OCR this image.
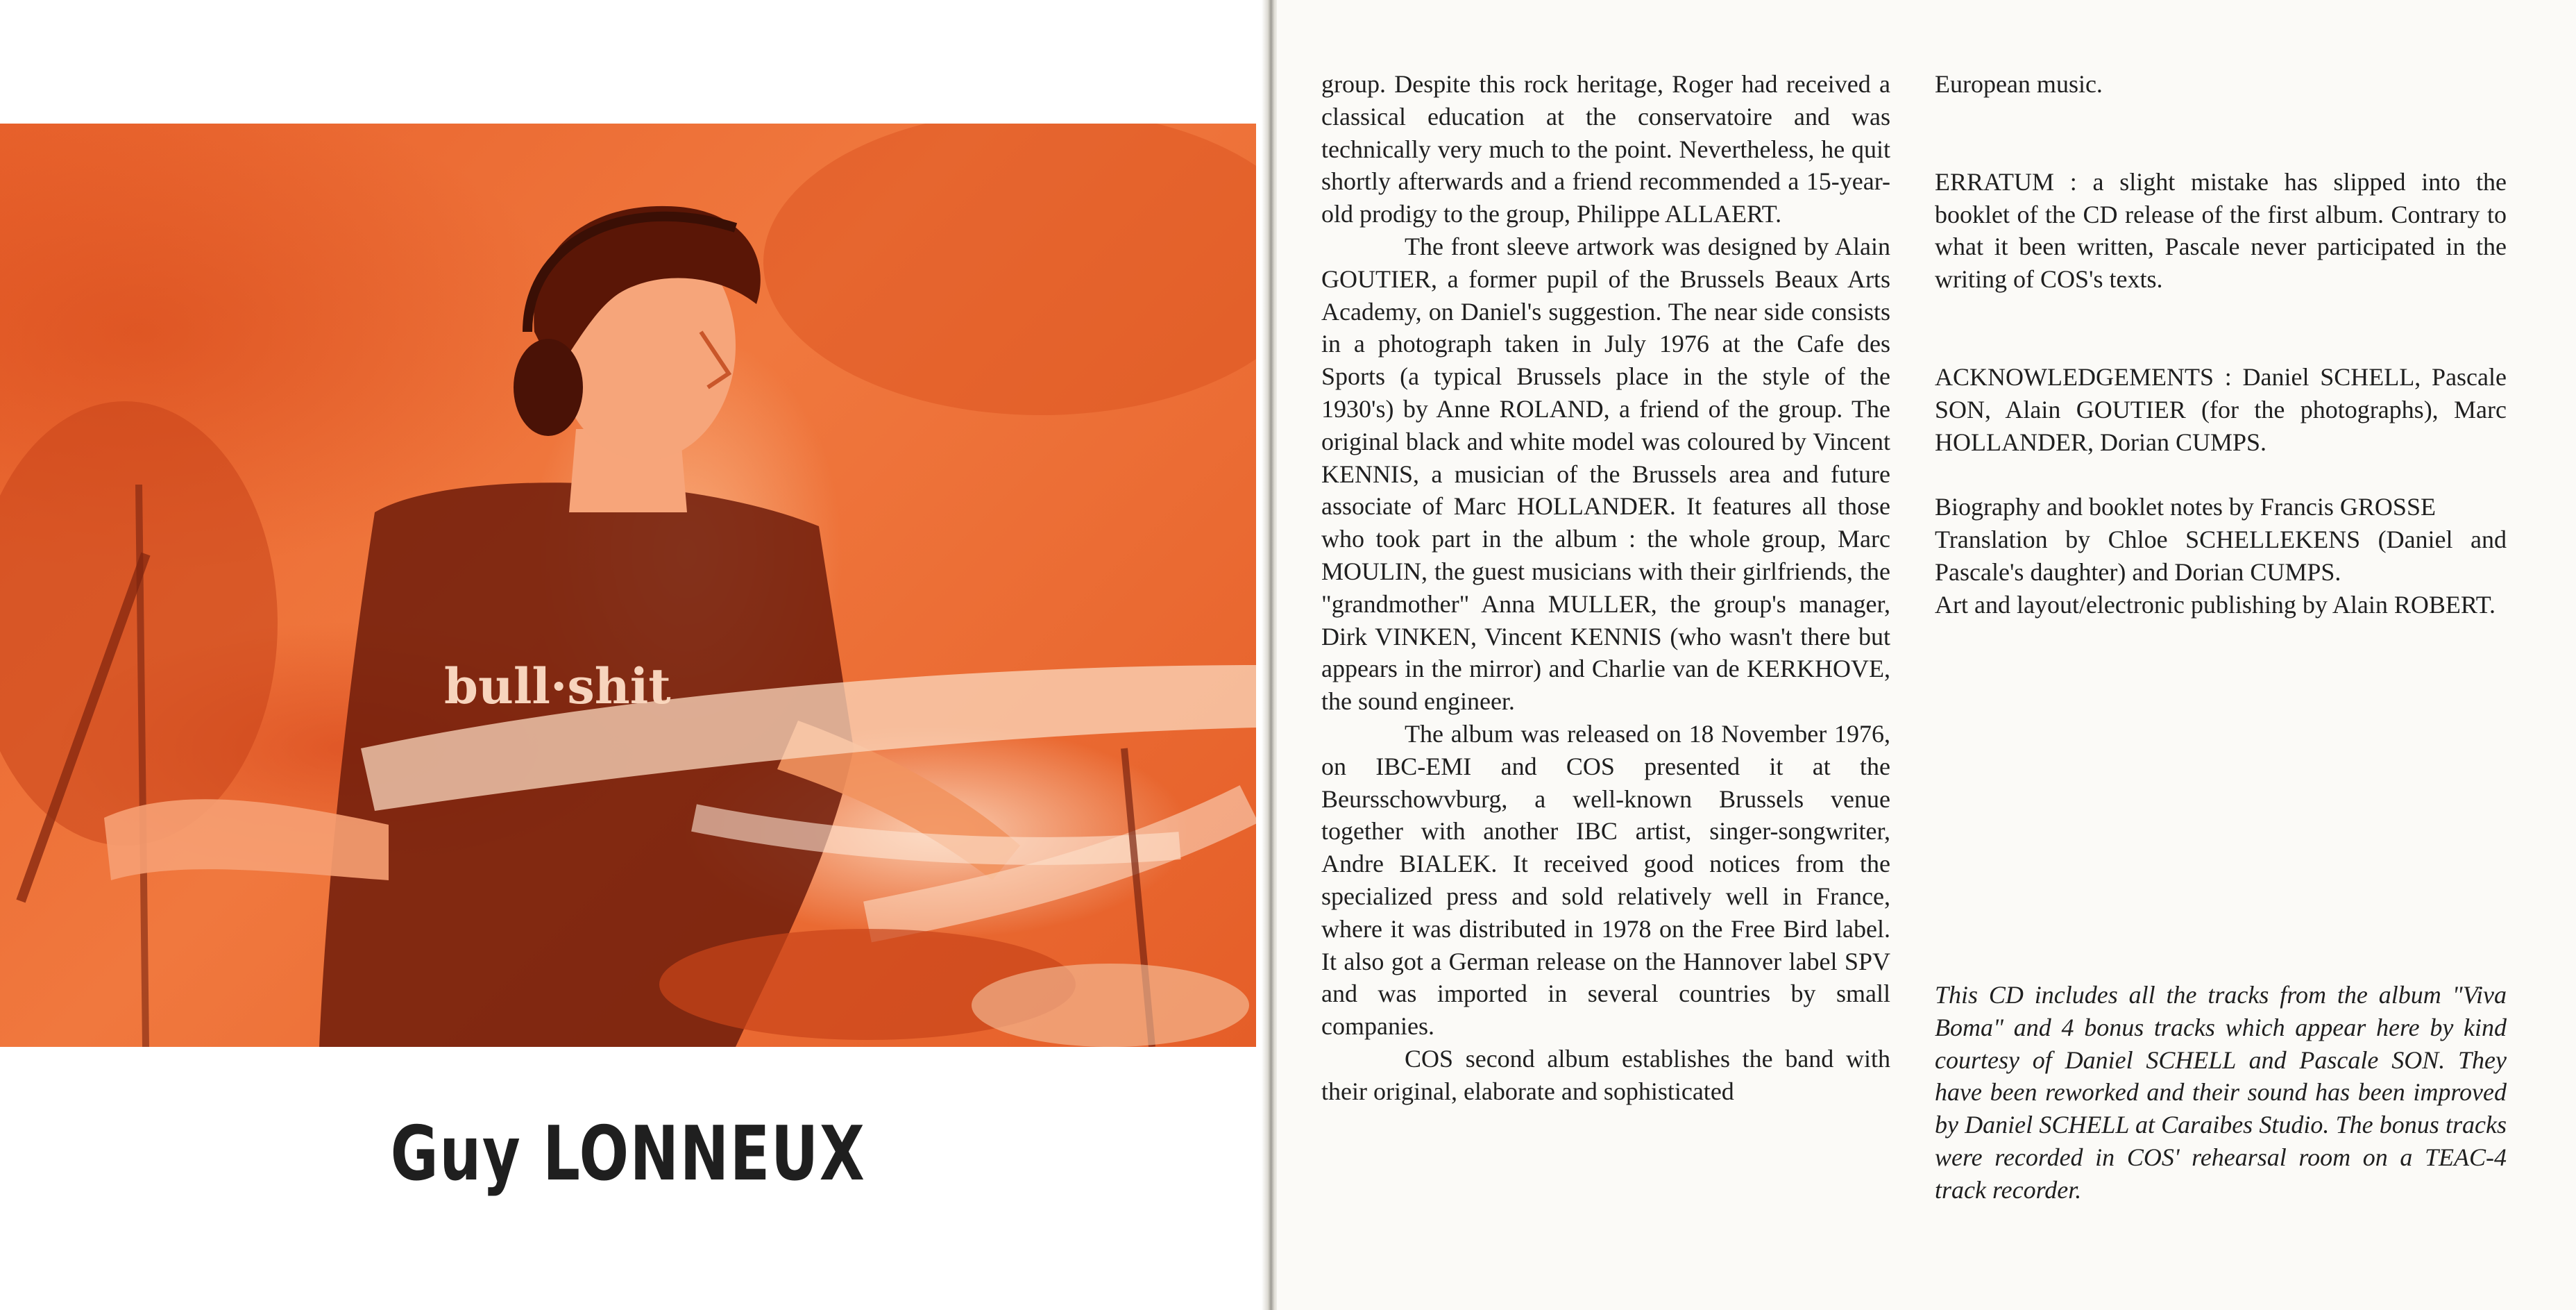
bull·shit
Guy LONNEUX

group. Despite this rock heritage, Roger had received a classical education at the conservatoire and was technically very much to the point. Nevertheless, he quit shortly afterwards and a friend recommended a 15-year-old prodigy to the group, Philippe ALLAERT.

The front sleeve artwork was designed by Alain GOUTIER, a former pupil of the Brussels Beaux Arts Academy, on Daniel's suggestion. The near side consists in a photograph taken in July 1976 at the Cafe des Sports (a typical Brussels place in the style of the 1930's) by Anne ROLAND, a friend of the group. The original black and white model was coloured by Vincent KENNIS, a musician of the Brussels area and future associate of Marc HOLLANDER. It features all those who took part in the album : the whole group, Marc MOULIN, the guest musicians with their girlfriends, the "grandmother" Anna MULLER, the group's manager, Dirk VINKEN, Vincent KENNIS (who wasn't there but appears in the mirror) and Charlie van de KERKHOVE, the sound engineer.

The album was released on 18 November 1976, on IBC-EMI and COS presented it at the Beursschowvburg, a well-known Brussels venue together with another IBC artist, singer-songwriter, Andre BIALEK. It received good notices from the specialized press and sold relatively well in France, where it was distributed in 1978 on the Free Bird label. It also got a German release on the Hannover label SPV and was imported in several countries by small companies.

COS second album establishes the band with their original, elaborate and sophisticated

European music.

ERRATUM : a slight mistake has slipped into the booklet of the CD release of the first album. Contrary to what it been written, Pascale never participated in the writing of COS's texts.

ACKNOWLEDGEMENTS : Daniel SCHELL, Pascale SON, Alain GOUTIER (for the photographs), Marc HOLLANDER, Dorian CUMPS.

Biography and booklet notes by Francis GROSSE

Translation by Chloe SCHELLEKENS (Daniel and Pascale's daughter) and Dorian CUMPS.

Art and layout/electronic publishing by Alain ROBERT.

This CD includes all the tracks from the album "Viva Boma" and 4 bonus tracks which appear here by kind courtesy of Daniel SCHELL and Pascale SON. They have been reworked and their sound has been improved by Daniel SCHELL at Caraibes Studio. The bonus tracks were recorded in COS' rehearsal room on a TEAC-4 track recorder.
